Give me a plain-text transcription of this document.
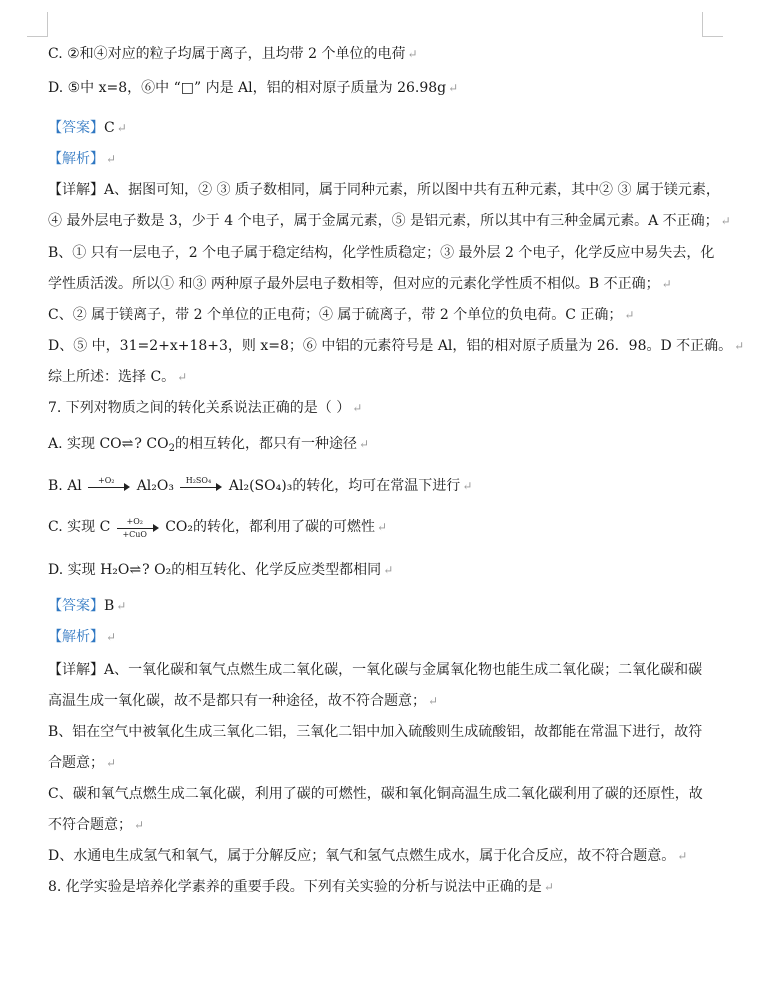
C. ②和④对应的粒子均属于离子，且均带 2 个单位的电荷 ↵
D. ⑤中 x=8，⑥中 “□” 内是 Al，铝的相对原子质量为 26.98g ↵
【答案】C ↵
【解析】 ↵
【详解】A、据图可知，② ③ 质子数相同，属于同种元素，所以图中共有五种元素，其中② ③ 属于镁元素，
④ 最外层电子数是 3，少于 4 个电子，属于金属元素，⑤ 是铝元素，所以其中有三种金属元素。A 不正确； ↵
B、① 只有一层电子，2 个电子属于稳定结构，化学性质稳定；③ 最外层 2 个电子，化学反应中易失去，化
学性质活泼。所以① 和③ 两种原子最外层电子数相等，但对应的元素化学性质不相似。B 不正确； ↵
C、② 属于镁离子，带 2 个单位的正电荷；④ 属于硫离子，带 2 个单位的负电荷。C 正确； ↵
D、⑤ 中，31=2+x+18+3，则 x=8；⑥ 中铝的元素符号是 Al，铝的相对原子质量为 26．98。D 不正确。 ↵
综上所述：选择 C。 ↵
7. 下列对物质之间的转化关系说法正确的是（ ） ↵
A. 实现 CO⇌? $CO_2$的相互转化，都只有一种途径 ↵
B. Al	+O₂	Al₂O₃	H₂SO₄	Al₂(SO₄)₃的转化，均可在常温下进行 ↵
C. 实现 C	+O₂
+CuO	CO₂的转化，都利用了碳的可燃性 ↵
D. 实现 H₂O⇌? O₂的相互转化、化学反应类型都相同 ↵
【答案】B ↵
【解析】 ↵
【详解】A、一氧化碳和氧气点燃生成二氧化碳，一氧化碳与金属氧化物也能生成二氧化碳；二氧化碳和碳
高温生成一氧化碳，故不是都只有一种途径，故不符合题意； ↵
B、铝在空气中被氧化生成三氧化二铝，三氧化二铝中加入硫酸则生成硫酸铝，故都能在常温下进行，故符
合题意； ↵
C、碳和氧气点燃生成二氧化碳，利用了碳的可燃性，碳和氧化铜高温生成二氧化碳利用了碳的还原性，故
不符合题意； ↵
D、水通电生成氢气和氧气，属于分解反应；氧气和氢气点燃生成水，属于化合反应，故不符合题意。 ↵
8. 化学实验是培养化学素养的重要手段。下列有关实验的分析与说法中正确的是 ↵
